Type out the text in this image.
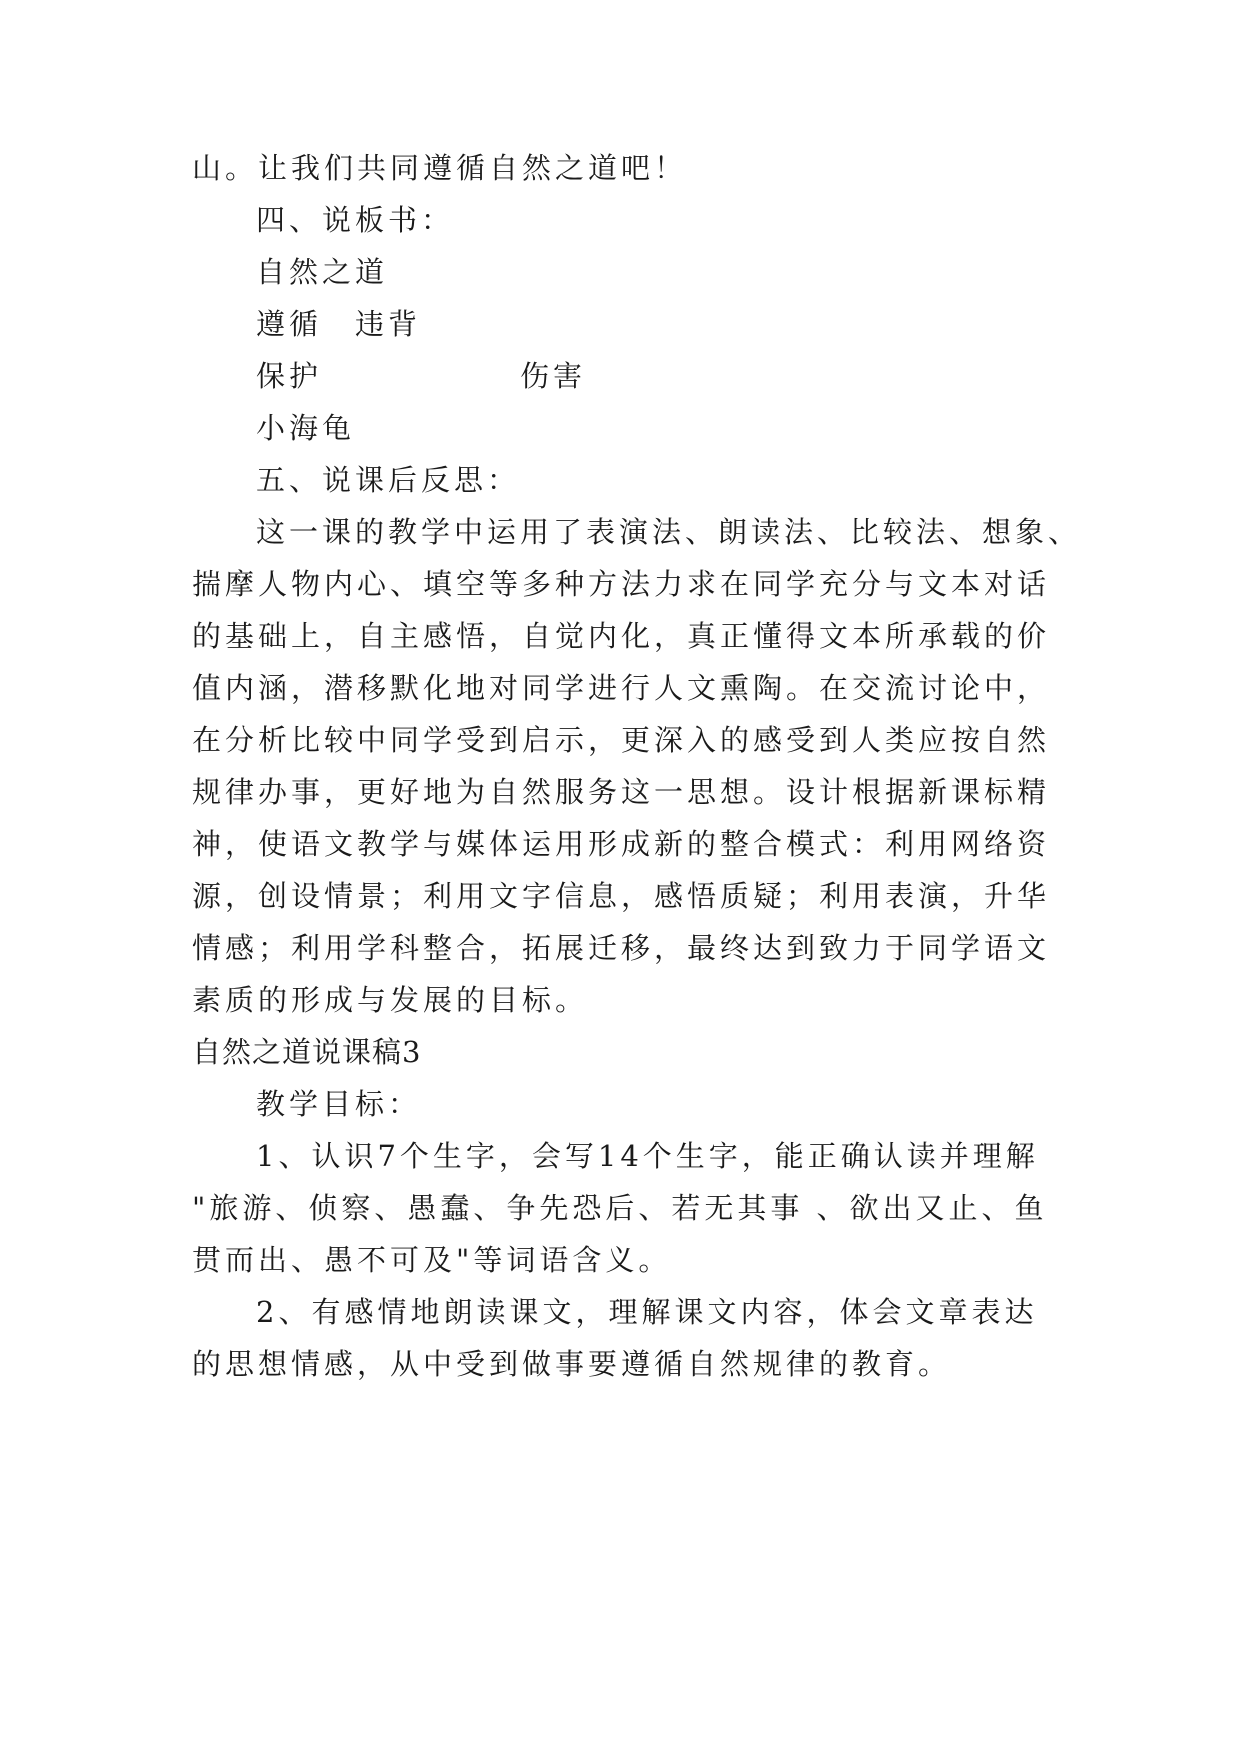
山。让我们共同遵循自然之道吧！
四、说板书：
自然之道
遵循　违背
保护	伤害
小海龟
五、说课后反思：
这一课的教学中运用了表演法、朗读法、比较法、想象、
揣摩人物内心、填空等多种方法力求在同学充分与文本对话
的基础上，自主感悟，自觉内化，真正懂得文本所承载的价
值内涵，潜移默化地对同学进行人文熏陶。在交流讨论中，
在分析比较中同学受到启示，更深入的感受到人类应按自然
规律办事，更好地为自然服务这一思想。设计根据新课标精
神，使语文教学与媒体运用形成新的整合模式：利用网络资
源，创设情景；利用文字信息，感悟质疑；利用表演，升华
情感；利用学科整合，拓展迁移，最终达到致力于同学语文
素质的形成与发展的目标。
自然之道说课稿3
教学目标：
1、认识7个生字，会写14个生字，能正确认读并理解
"旅游、侦察、愚蠢、争先恐后、若无其事 、欲出又止、鱼
贯而出、愚不可及"等词语含义。
2、有感情地朗读课文，理解课文内容，体会文章表达
的思想情感，从中受到做事要遵循自然规律的教育。
